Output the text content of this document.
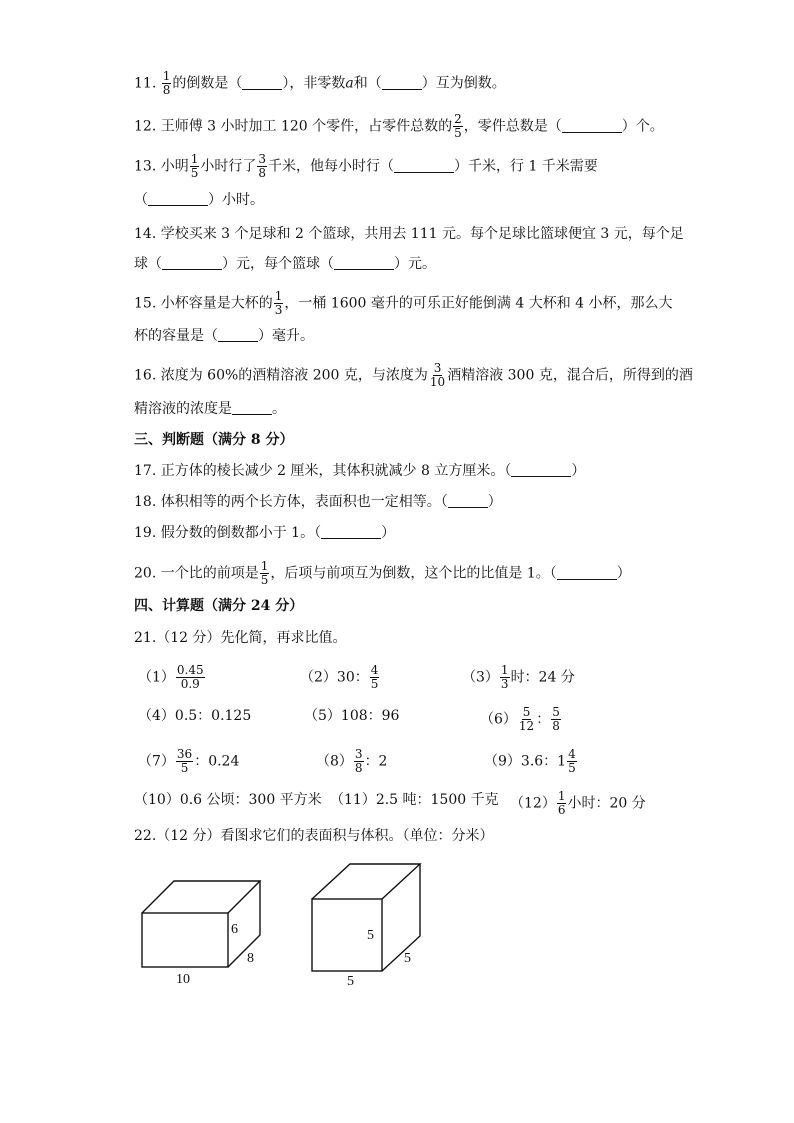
11. $\frac{1}{8}$ 的倒数是（	），非零数a和（	）互为倒数。
12. 王师傅 3 小时加工 120 个零件，占零件总数的 $\frac{2}{5}$ ，零件总数是（	）个。
13. 小明 $\frac{1}{5}$ 小时行了 $\frac{3}{8}$ 千米，他每小时行（	）千米，行 1 千米需要
（	）小时。
14. 学校买来 3 个足球和 2 个篮球，共用去 111 元。每个足球比篮球便宜 3 元，每个足
球（	）元，每个篮球（	）元。
15. 小杯容量是大杯的 $\frac{1}{3}$ ，一桶 1600 毫升的可乐正好能倒满 4 大杯和 4 小杯，那么大
杯的容量是（	）毫升。
16. 浓度为 60%的酒精溶液 200 克，与浓度为 $\frac{3}{10}$ 酒精溶液 300 克，混合后，所得到的酒
精溶液的浓度是	。
三、判断题（满分 8 分）
17. 正方体的棱长减少 2 厘米，其体积就减少 8 立方厘米。（	）
18. 体积相等的两个长方体，表面积也一定相等。（	）
19. 假分数的倒数都小于 1。（	）
20. 一个比的前项是 $\frac{1}{5}$ ，后项与前项互为倒数，这个比的比值是 1。（	）
四、计算题（满分 24 分）
21.（12 分）先化简，再求比值。
$(1) \frac{0.45}{0.9}$	（2）30： $\frac{4}{5}$	$(3) \frac{1}{3}$ 时：24 分
（4）0.5：0.125	（5）108：96	$(6) \frac{5}{12}$ ： $\frac{5}{8}$
$(7) \frac{36}{5}$ ：0.24	$(8) \frac{3}{8}$ ：2	（9）3.6：$1 \frac{4}{5}$
（10）0.6 公顷：300 平方米 （11）2.5 吨：1500 千克 $(12) \frac{1}{6}$ 小时：20 分
22.（12 分）看图求它们的表面积与体积。（单位：分米）
10
6
8
5
5
5
